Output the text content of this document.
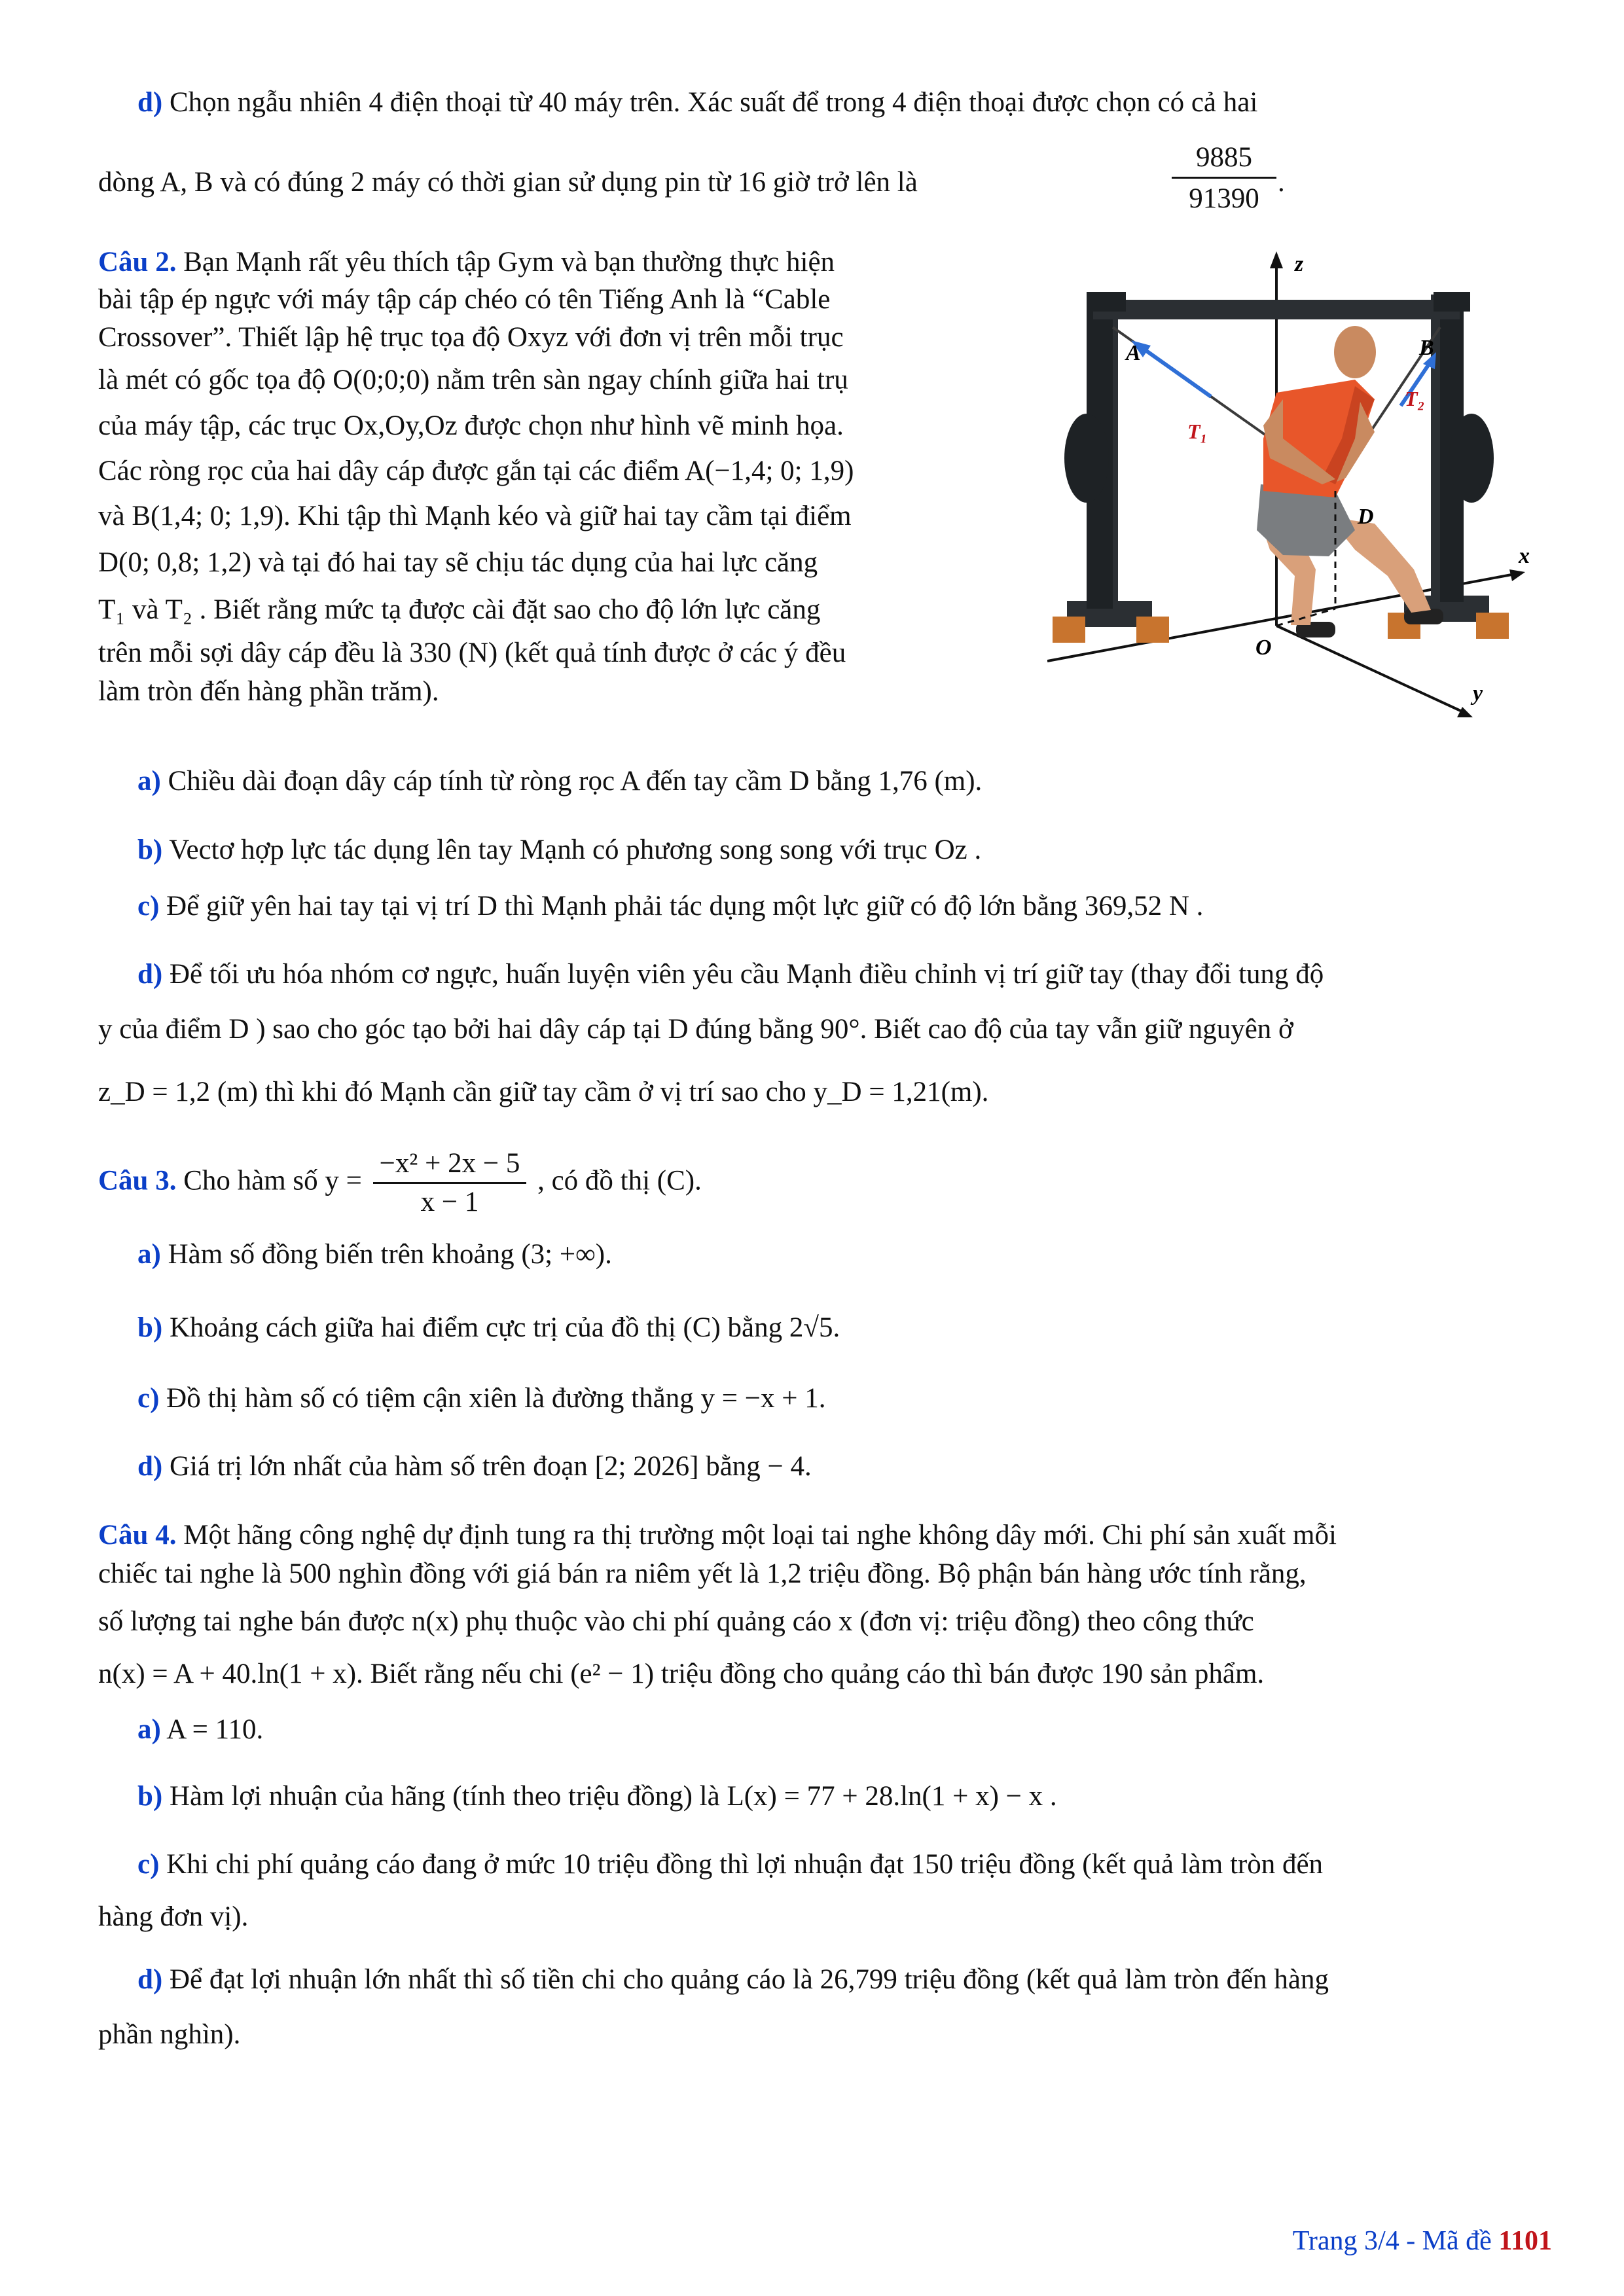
d) Chọn ngẫu nhiên 4 điện thoại từ 40 máy trên. Xác suất để trong 4 điện thoại được chọn có cả hai
dòng A, B và có đúng 2 máy có thời gian sử dụng pin từ 16 giờ trở lên là	$\frac{9885}{91390}$ .
Câu 2. Bạn Mạnh rất yêu thích tập Gym và bạn thường thực hiện
bài tập ép ngực với máy tập cáp chéo có tên Tiếng Anh là “Cable
Crossover”. Thiết lập hệ trục tọa độ Oxyz với đơn vị trên mỗi trục
là mét có gốc tọa độ O(0;0;0) nằm trên sàn ngay chính giữa hai trụ
của máy tập, các trục Ox,Oy,Oz được chọn như hình vẽ minh họa.
Các ròng rọc của hai dây cáp được gắn tại các điểm A(−1,4; 0; 1,9)
và B(1,4; 0; 1,9). Khi tập thì Mạnh kéo và giữ hai tay cầm tại điểm
D(0; 0,8; 1,2) và tại đó hai tay sẽ chịu tác dụng của hai lực căng
T₁ và T₂ . Biết rằng mức tạ được cài đặt sao cho độ lớn lực căng
trên mỗi sợi dây cáp đều là 330 (N) (kết quả tính được ở các ý đều
làm tròn đến hàng phần trăm).
z
x
y
A	B
D
O
T₁
T₂
a) Chiều dài đoạn dây cáp tính từ ròng rọc A đến tay cầm D bằng 1,76 (m).
b) Vectơ hợp lực tác dụng lên tay Mạnh có phương song song với trục Oz .
c) Để giữ yên hai tay tại vị trí D thì Mạnh phải tác dụng một lực giữ có độ lớn bằng 369,52 N .
d) Để tối ưu hóa nhóm cơ ngực, huấn luyện viên yêu cầu Mạnh điều chỉnh vị trí giữ tay (thay đổi tung độ
y của điểm D ) sao cho góc tạo bởi hai dây cáp tại D đúng bằng 90°. Biết cao độ của tay vẫn giữ nguyên ở
z_D = 1,2 (m) thì khi đó Mạnh cần giữ tay cầm ở vị trí sao cho y_D = 1,21(m).
Câu 3. Cho hàm số $y = \frac{\text{−x² + 2x − 5}}{x - 1}$ , có đồ thị (C).
a) Hàm số đồng biến trên khoảng (3; +∞).
b) Khoảng cách giữa hai điểm cực trị của đồ thị (C) bằng 2√5.
c) Đồ thị hàm số có tiệm cận xiên là đường thẳng y = −x + 1.
d) Giá trị lớn nhất của hàm số trên đoạn [2; 2026] bằng − 4.
Câu 4. Một hãng công nghệ dự định tung ra thị trường một loại tai nghe không dây mới. Chi phí sản xuất mỗi
chiếc tai nghe là 500 nghìn đồng với giá bán ra niêm yết là 1,2 triệu đồng. Bộ phận bán hàng ước tính rằng,
số lượng tai nghe bán được n(x) phụ thuộc vào chi phí quảng cáo x (đơn vị: triệu đồng) theo công thức
n(x) = A + 40.ln(1 + x). Biết rằng nếu chi (e² − 1) triệu đồng cho quảng cáo thì bán được 190 sản phẩm.
a) A = 110.
b) Hàm lợi nhuận của hãng (tính theo triệu đồng) là L(x) = 77 + 28.ln(1 + x) − x .
c) Khi chi phí quảng cáo đang ở mức 10 triệu đồng thì lợi nhuận đạt 150 triệu đồng (kết quả làm tròn đến
hàng đơn vị).
d) Để đạt lợi nhuận lớn nhất thì số tiền chi cho quảng cáo là 26,799 triệu đồng (kết quả làm tròn đến hàng
phần nghìn).
Trang 3/4 - Mã đề 1101
